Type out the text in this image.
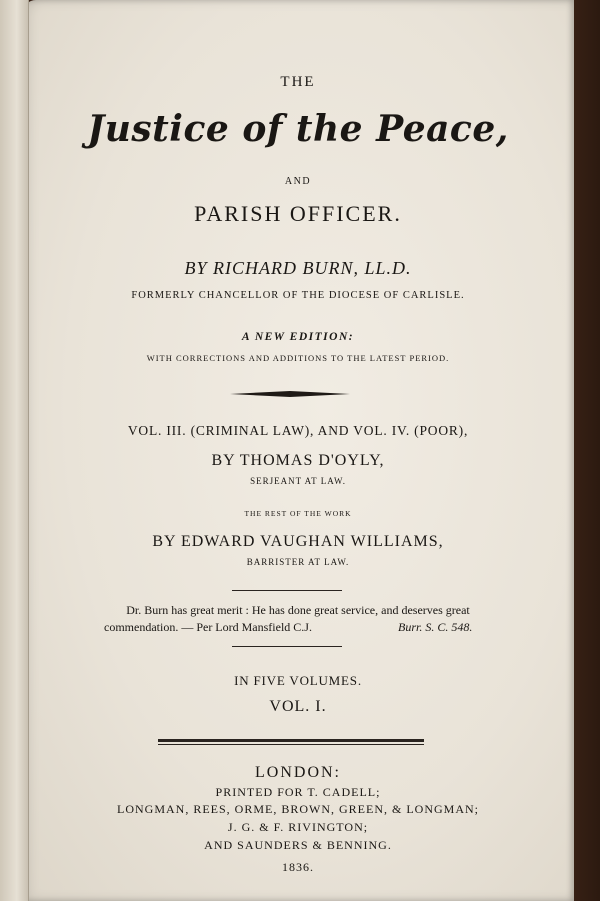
THE
Justice of the Peace,
AND
PARISH OFFICER.
BY RICHARD BURN, LL.D.
FORMERLY CHANCELLOR OF THE DIOCESE OF CARLISLE.
A NEW EDITION:
WITH CORRECTIONS AND ADDITIONS TO THE LATEST PERIOD.
VOL. III. (CRIMINAL LAW), AND VOL. IV. (POOR),
BY THOMAS D'OYLY,
SERJEANT AT LAW.
THE REST OF THE WORK
BY EDWARD VAUGHAN WILLIAMS,
BARRISTER AT LAW.
Dr. Burn has great merit : He has done great service, and deserves great
commendation. — Per Lord Mansfield C.J.	Burr. S. C. 548.
IN FIVE VOLUMES.
VOL. I.
LONDON:
PRINTED FOR T. CADELL;
LONGMAN, REES, ORME, BROWN, GREEN, & LONGMAN;
J. G. & F. RIVINGTON;
AND SAUNDERS & BENNING.
1836.
